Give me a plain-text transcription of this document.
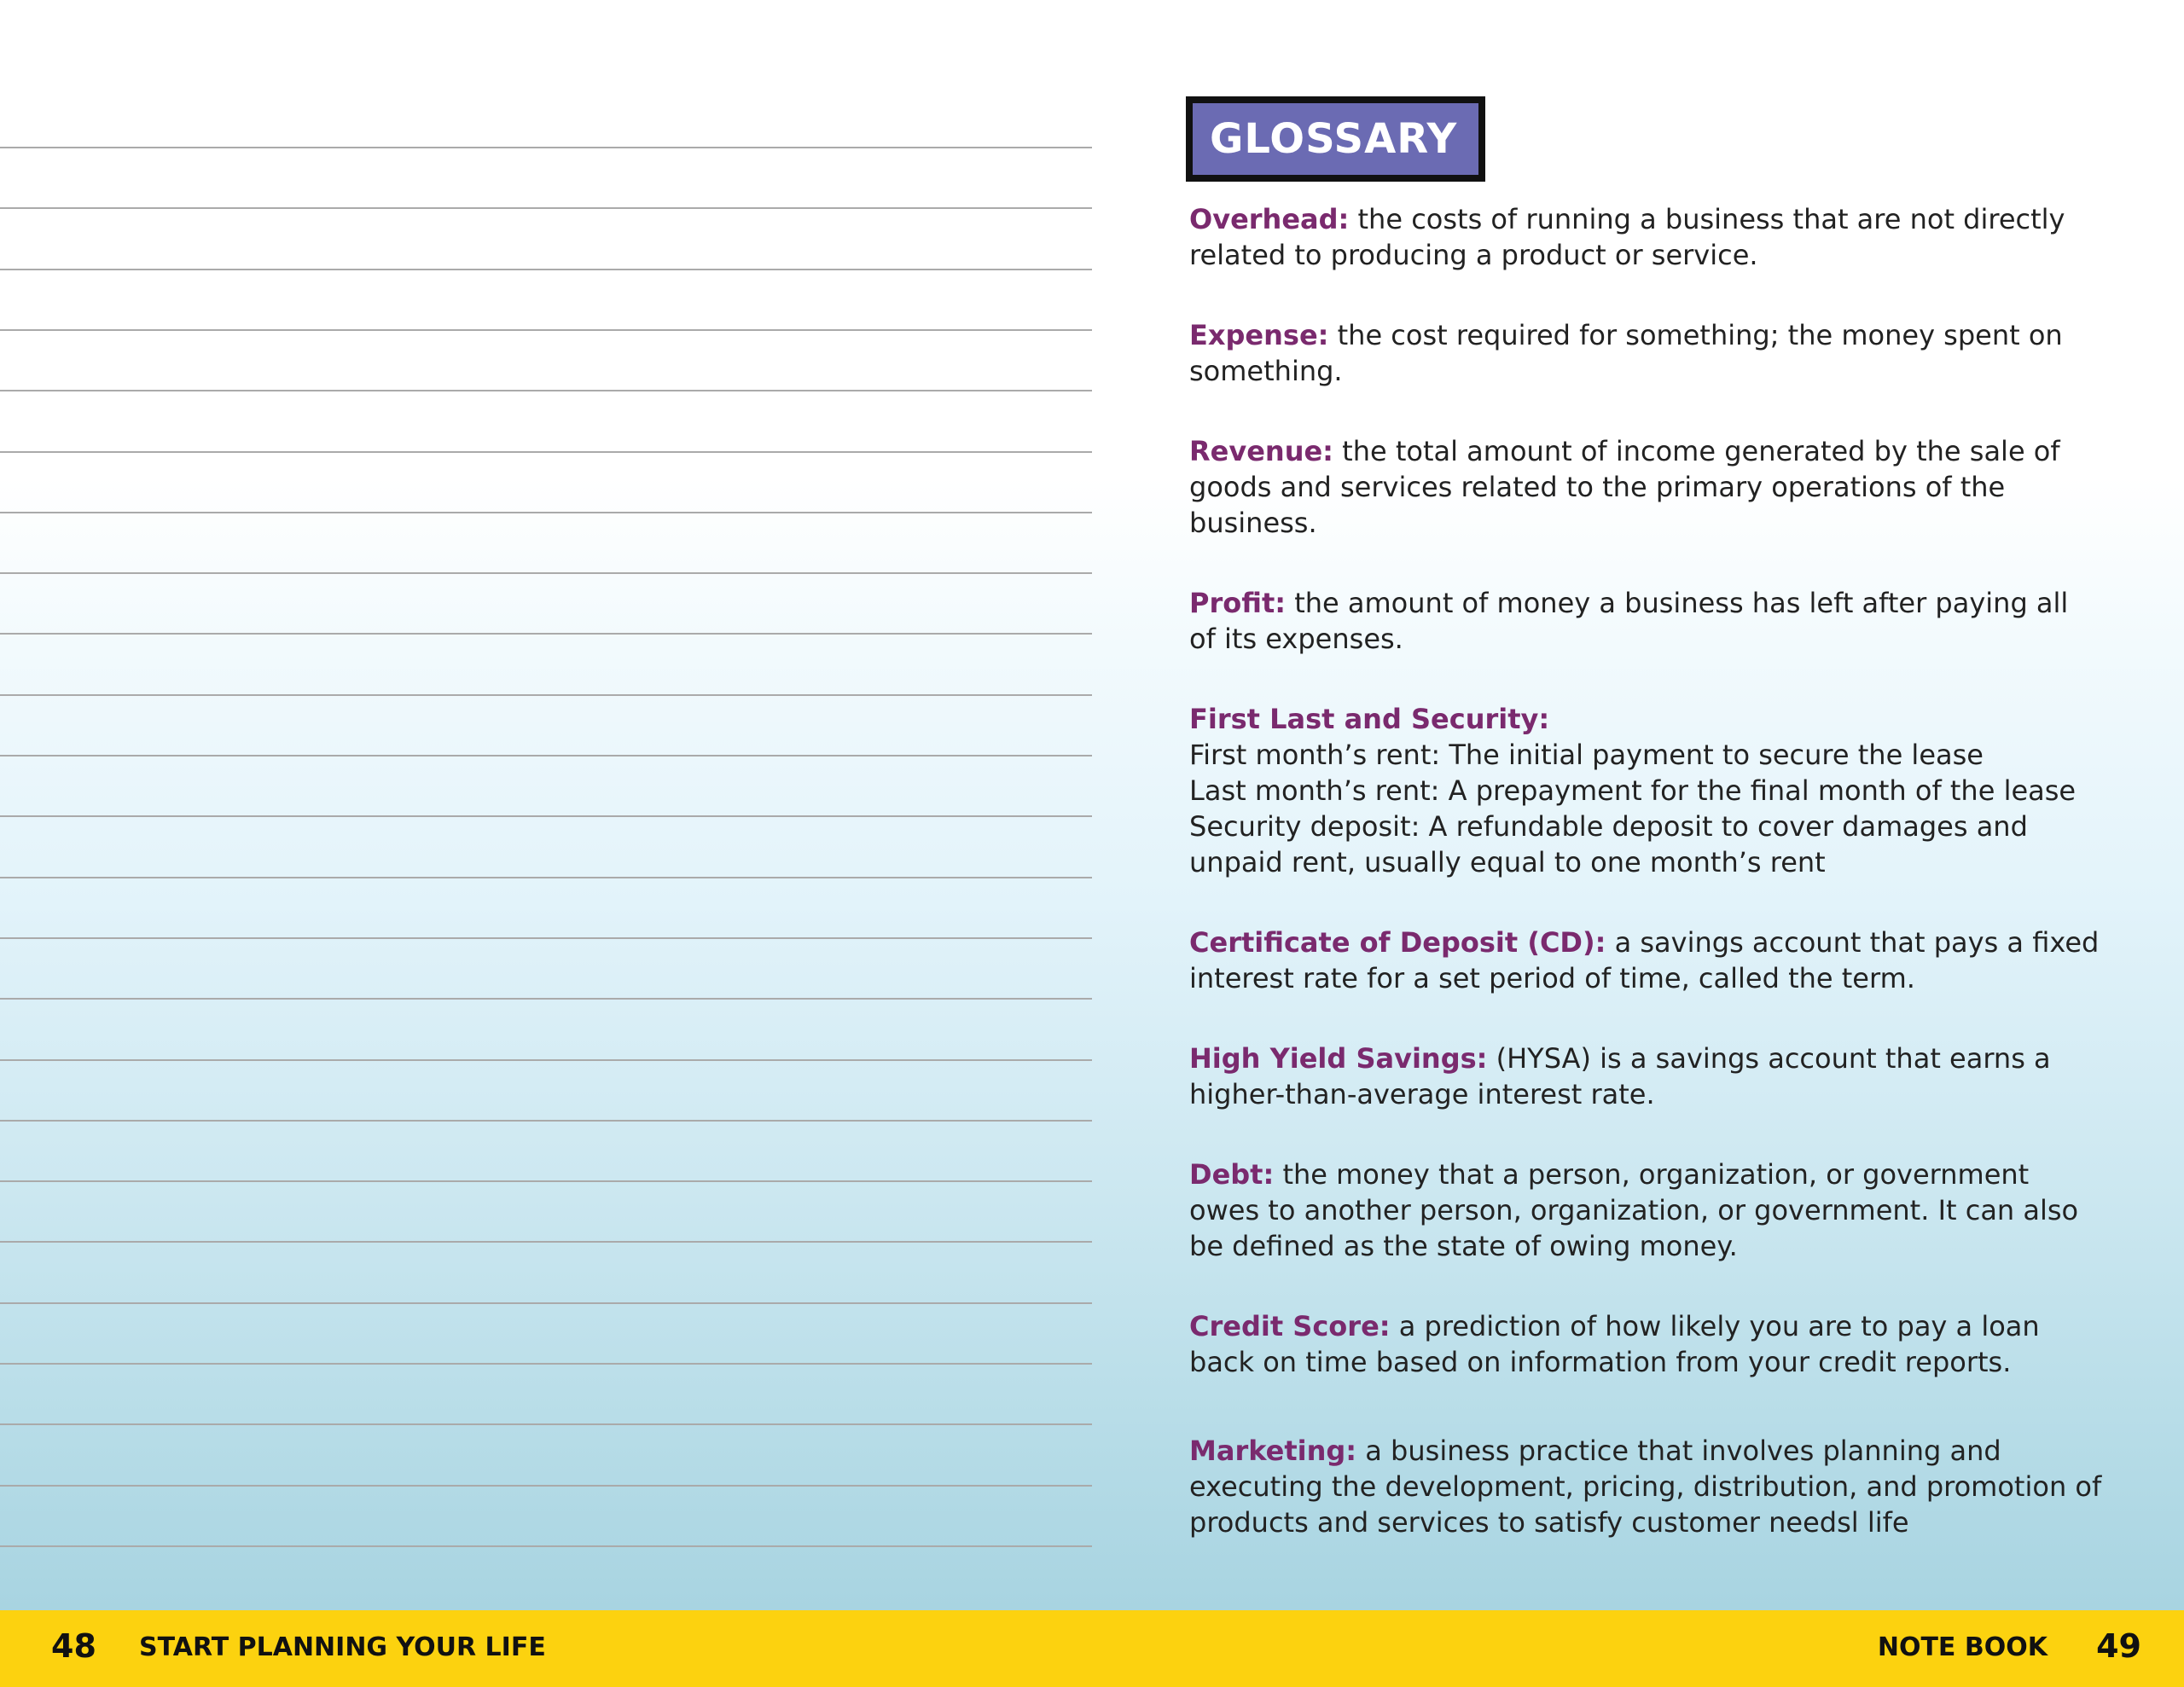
GLOSSARY

Overhead: the costs of running a business that are not directly related to producing a product or service.

Expense: the cost required for something; the money spent on something.

Revenue: the total amount of income generated by the sale of goods and services related to the primary operations of the business.

Profit: the amount of money a business has left after paying all of its expenses.

First Last and Security:
First month’s rent: The initial payment to secure the lease
Last month’s rent: A prepayment for the final month of the lease
Security deposit: A refundable deposit to cover damages and unpaid rent, usually equal to one month’s rent

Certificate of Deposit (CD): a savings account that pays a fixed interest rate for a set period of time, called the term.

High Yield Savings: (HYSA) is a savings account that earns a higher-than-average interest rate.

Debt: the money that a person, organization, or government owes to another person, organization, or government. It can also be defined as the state of owing money.

Credit Score: a prediction of how likely you are to pay a loan back on time based on information from your credit reports.

Marketing: a business practice that involves planning and executing the development, pricing, distribution, and promotion of products and services to satisfy customer needsl life

48 START PLANNING YOUR LIFE	NOTE BOOK 49
